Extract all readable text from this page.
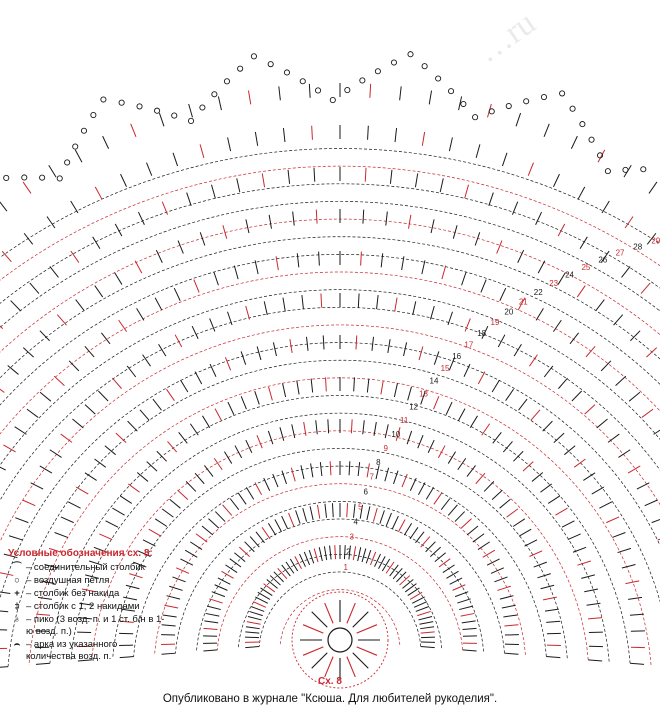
1
2
3
4
5
6
7
8
9
10
11
12
13
14
15
16
17
18
19
20
21
22
23
24
25
26
27
28
29
…ru
Условные обозначения сх. 8:
⌒ – соединительный столбик
○ – воздушная петля
+ – столбик без накида
‡ – столбик с 1, 2 накидами
♁ – пико (3 возд. п. и 1 ст. б/н в 1-ю возд. п.)
⌢ – арка из указанного количества возд. п.
Сх. 8
Опубликовано в журнале "Ксюша. Для любителей рукоделия".
